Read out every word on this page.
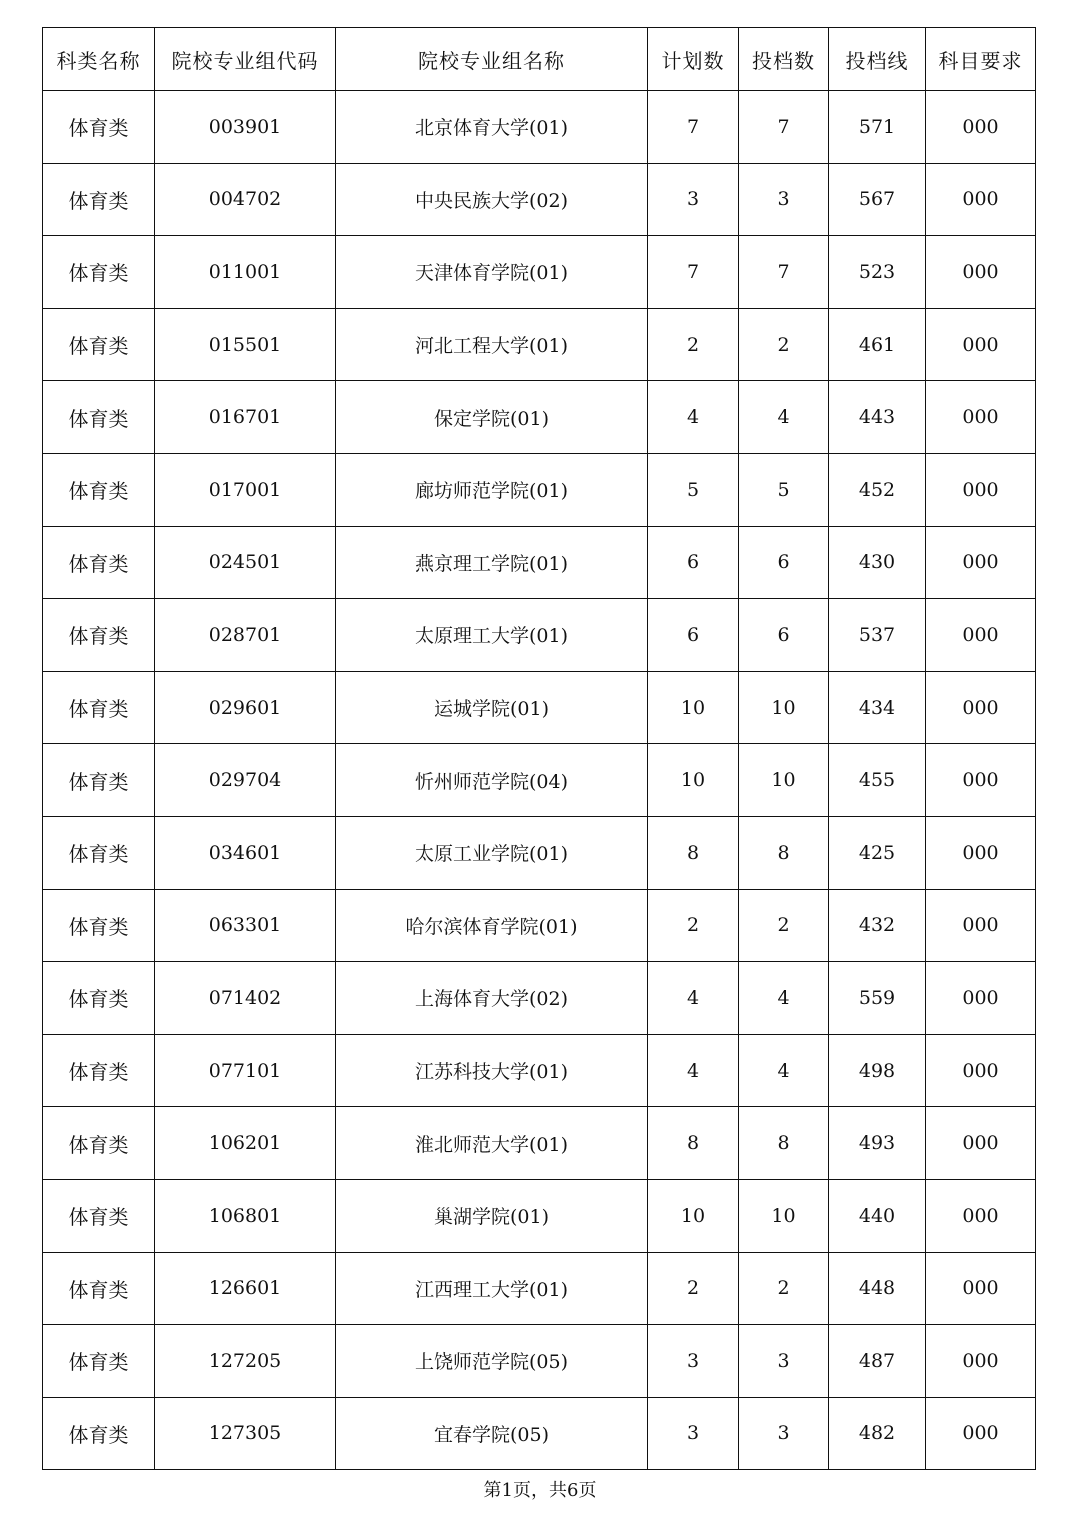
科类名称	院校专业组代码	院校专业组名称	计划数	投档数	投档线	科目要求
体育类	003901	北京体育大学(01)	7	7	571	000
体育类	004702	中央民族大学(02)	3	3	567	000
体育类	011001	天津体育学院(01)	7	7	523	000
体育类	015501	河北工程大学(01)	2	2	461	000
体育类	016701	保定学院(01)	4	4	443	000
体育类	017001	廊坊师范学院(01)	5	5	452	000
体育类	024501	燕京理工学院(01)	6	6	430	000
体育类	028701	太原理工大学(01)	6	6	537	000
体育类	029601	运城学院(01)	10	10	434	000
体育类	029704	忻州师范学院(04)	10	10	455	000
体育类	034601	太原工业学院(01)	8	8	425	000
体育类	063301	哈尔滨体育学院(01)	2	2	432	000
体育类	071402	上海体育大学(02)	4	4	559	000
体育类	077101	江苏科技大学(01)	4	4	498	000
体育类	106201	淮北师范大学(01)	8	8	493	000
体育类	106801	巢湖学院(01)	10	10	440	000
体育类	126601	江西理工大学(01)	2	2	448	000
体育类	127205	上饶师范学院(05)	3	3	487	000
体育类	127305	宜春学院(05)	3	3	482	000
第1页，共6页
